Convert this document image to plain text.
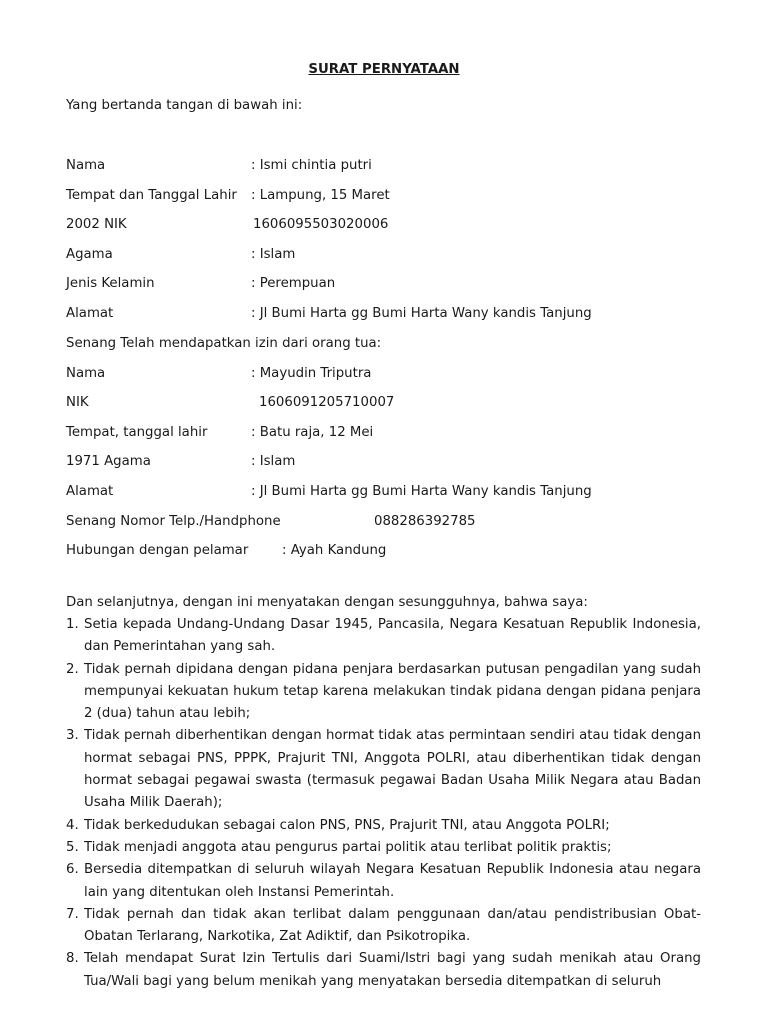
SURAT PERNYATAAN
Yang bertanda tangan di bawah ini:
Nama	: Ismi chintia putri
Tempat dan Tanggal Lahir : Lampung, 15 Maret
2002 NIK	1606095503020006
Agama	: Islam
Jenis Kelamin	: Perempuan
Alamat	: Jl Bumi Harta gg Bumi Harta Wany kandis Tanjung
Senang Telah mendapatkan izin dari orang tua:
Nama	: Mayudin Triputra
NIK	1606091205710007
Tempat, tanggal lahir	: Batu raja, 12 Mei
1971 Agama	: Islam
Alamat	: Jl Bumi Harta gg Bumi Harta Wany kandis Tanjung
Senang Nomor Telp./Handphone	088286392785
Hubungan dengan pelamar	: Ayah Kandung
Dan selanjutnya, dengan ini menyatakan dengan sesungguhnya, bahwa saya:
1. Setia kepada Undang-Undang Dasar 1945, Pancasila, Negara Kesatuan Republik Indonesia, dan Pemerintahan yang sah.
2. Tidak pernah dipidana dengan pidana penjara berdasarkan putusan pengadilan yang sudah mempunyai kekuatan hukum tetap karena melakukan tindak pidana dengan pidana penjara 2 (dua) tahun atau lebih;
3. Tidak pernah diberhentikan dengan hormat tidak atas permintaan sendiri atau tidak dengan hormat sebagai PNS, PPPK, Prajurit TNI, Anggota POLRI, atau diberhentikan tidak dengan hormat sebagai pegawai swasta (termasuk pegawai Badan Usaha Milik Negara atau Badan Usaha Milik Daerah);
4. Tidak berkedudukan sebagai calon PNS, PNS, Prajurit TNI, atau Anggota POLRI;
5. Tidak menjadi anggota atau pengurus partai politik atau terlibat politik praktis;
6. Bersedia ditempatkan di seluruh wilayah Negara Kesatuan Republik Indonesia atau negara lain yang ditentukan oleh Instansi Pemerintah.
7. Tidak pernah dan tidak akan terlibat dalam penggunaan dan/atau pendistribusian Obat-Obatan Terlarang, Narkotika, Zat Adiktif, dan Psikotropika.
8. Telah mendapat Surat Izin Tertulis dari Suami/Istri bagi yang sudah menikah atau Orang Tua/Wali bagi yang belum menikah yang menyatakan bersedia ditempatkan di seluruh
